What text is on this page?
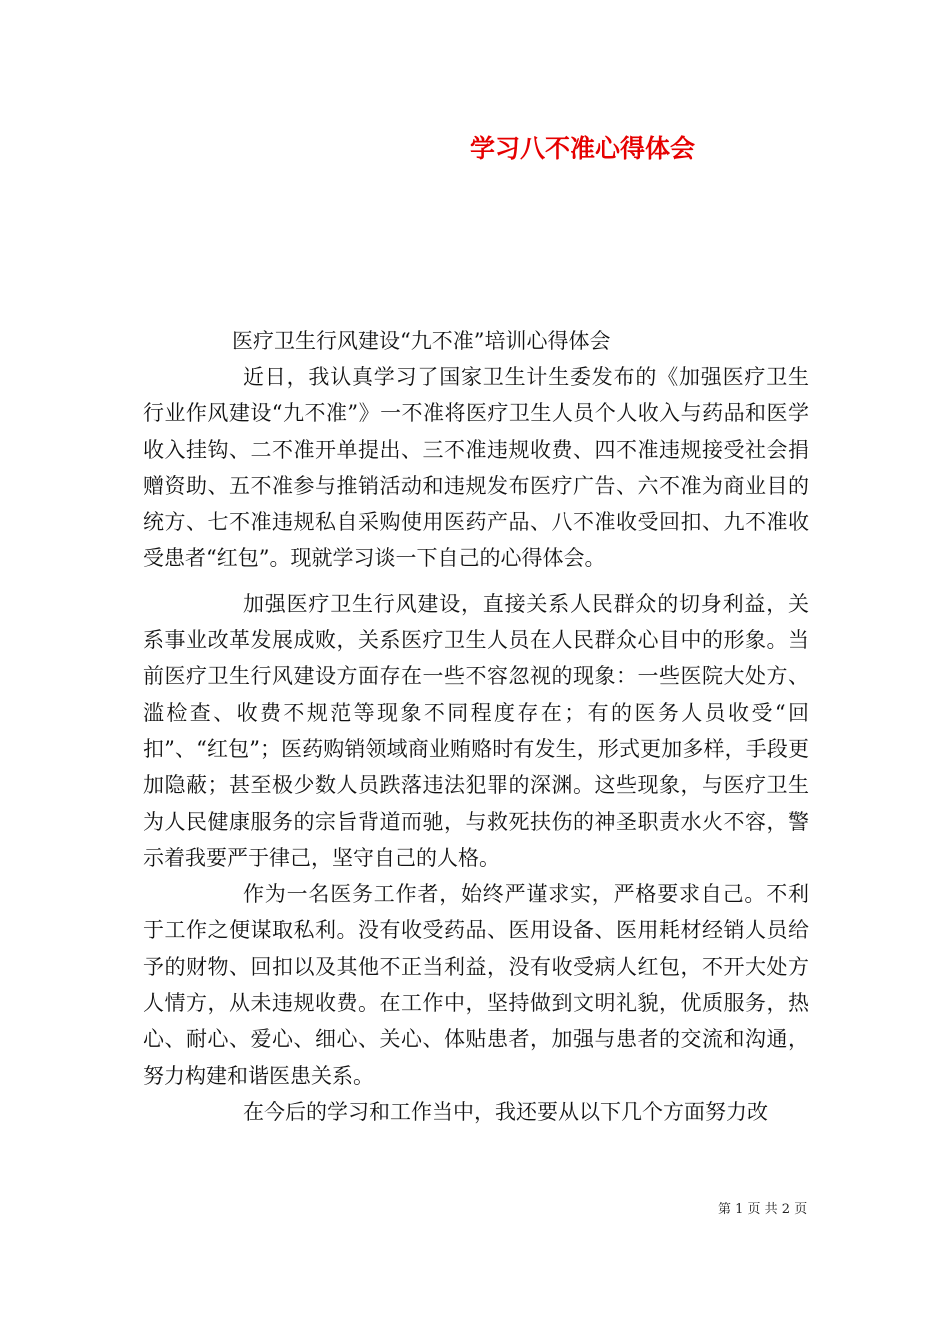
学习八不准心得体会
医疗卫生行风建设“九不准”培训心得体会

近日，我认真学习了国家卫生计生委发布的《加强医疗卫生行业作风建设“九不准”》一不准将医疗卫生人员个人收入与药品和医学收入挂钩、二不准开单提出、三不准违规收费、四不准违规接受社会捐赠资助、五不准参与推销活动和违规发布医疗广告、六不准为商业目的统方、七不准违规私自采购使用医药产品、八不准收受回扣、九不准收受患者“红包”。现就学习谈一下自己的心得体会。

加强医疗卫生行风建设，直接关系人民群众的切身利益，关系事业改革发展成败，关系医疗卫生人员在人民群众心目中的形象。当前医疗卫生行风建设方面存在一些不容忽视的现象：一些医院大处方、滥检查、收费不规范等现象不同程度存在；有的医务人员收受“回扣”、“红包”；医药购销领域商业贿赂时有发生，形式更加多样，手段更加隐蔽；甚至极少数人员跌落违法犯罪的深渊。这些现象，与医疗卫生为人民健康服务的宗旨背道而驰，与救死扶伤的神圣职责水火不容，警示着我要严于律己，坚守自己的人格。

作为一名医务工作者，始终严谨求实，严格要求自己。不利于工作之便谋取私利。没有收受药品、医用设备、医用耗材经销人员给予的财物、回扣以及其他不正当利益，没有收受病人红包，不开大处方人情方，从未违规收费。在工作中，坚持做到文明礼貌，优质服务，热心、耐心、爱心、细心、关心、体贴患者，加强与患者的交流和沟通，努力构建和谐医患关系。

在今后的学习和工作当中，我还要从以下几个方面努力改

第 1 页 共 2 页
